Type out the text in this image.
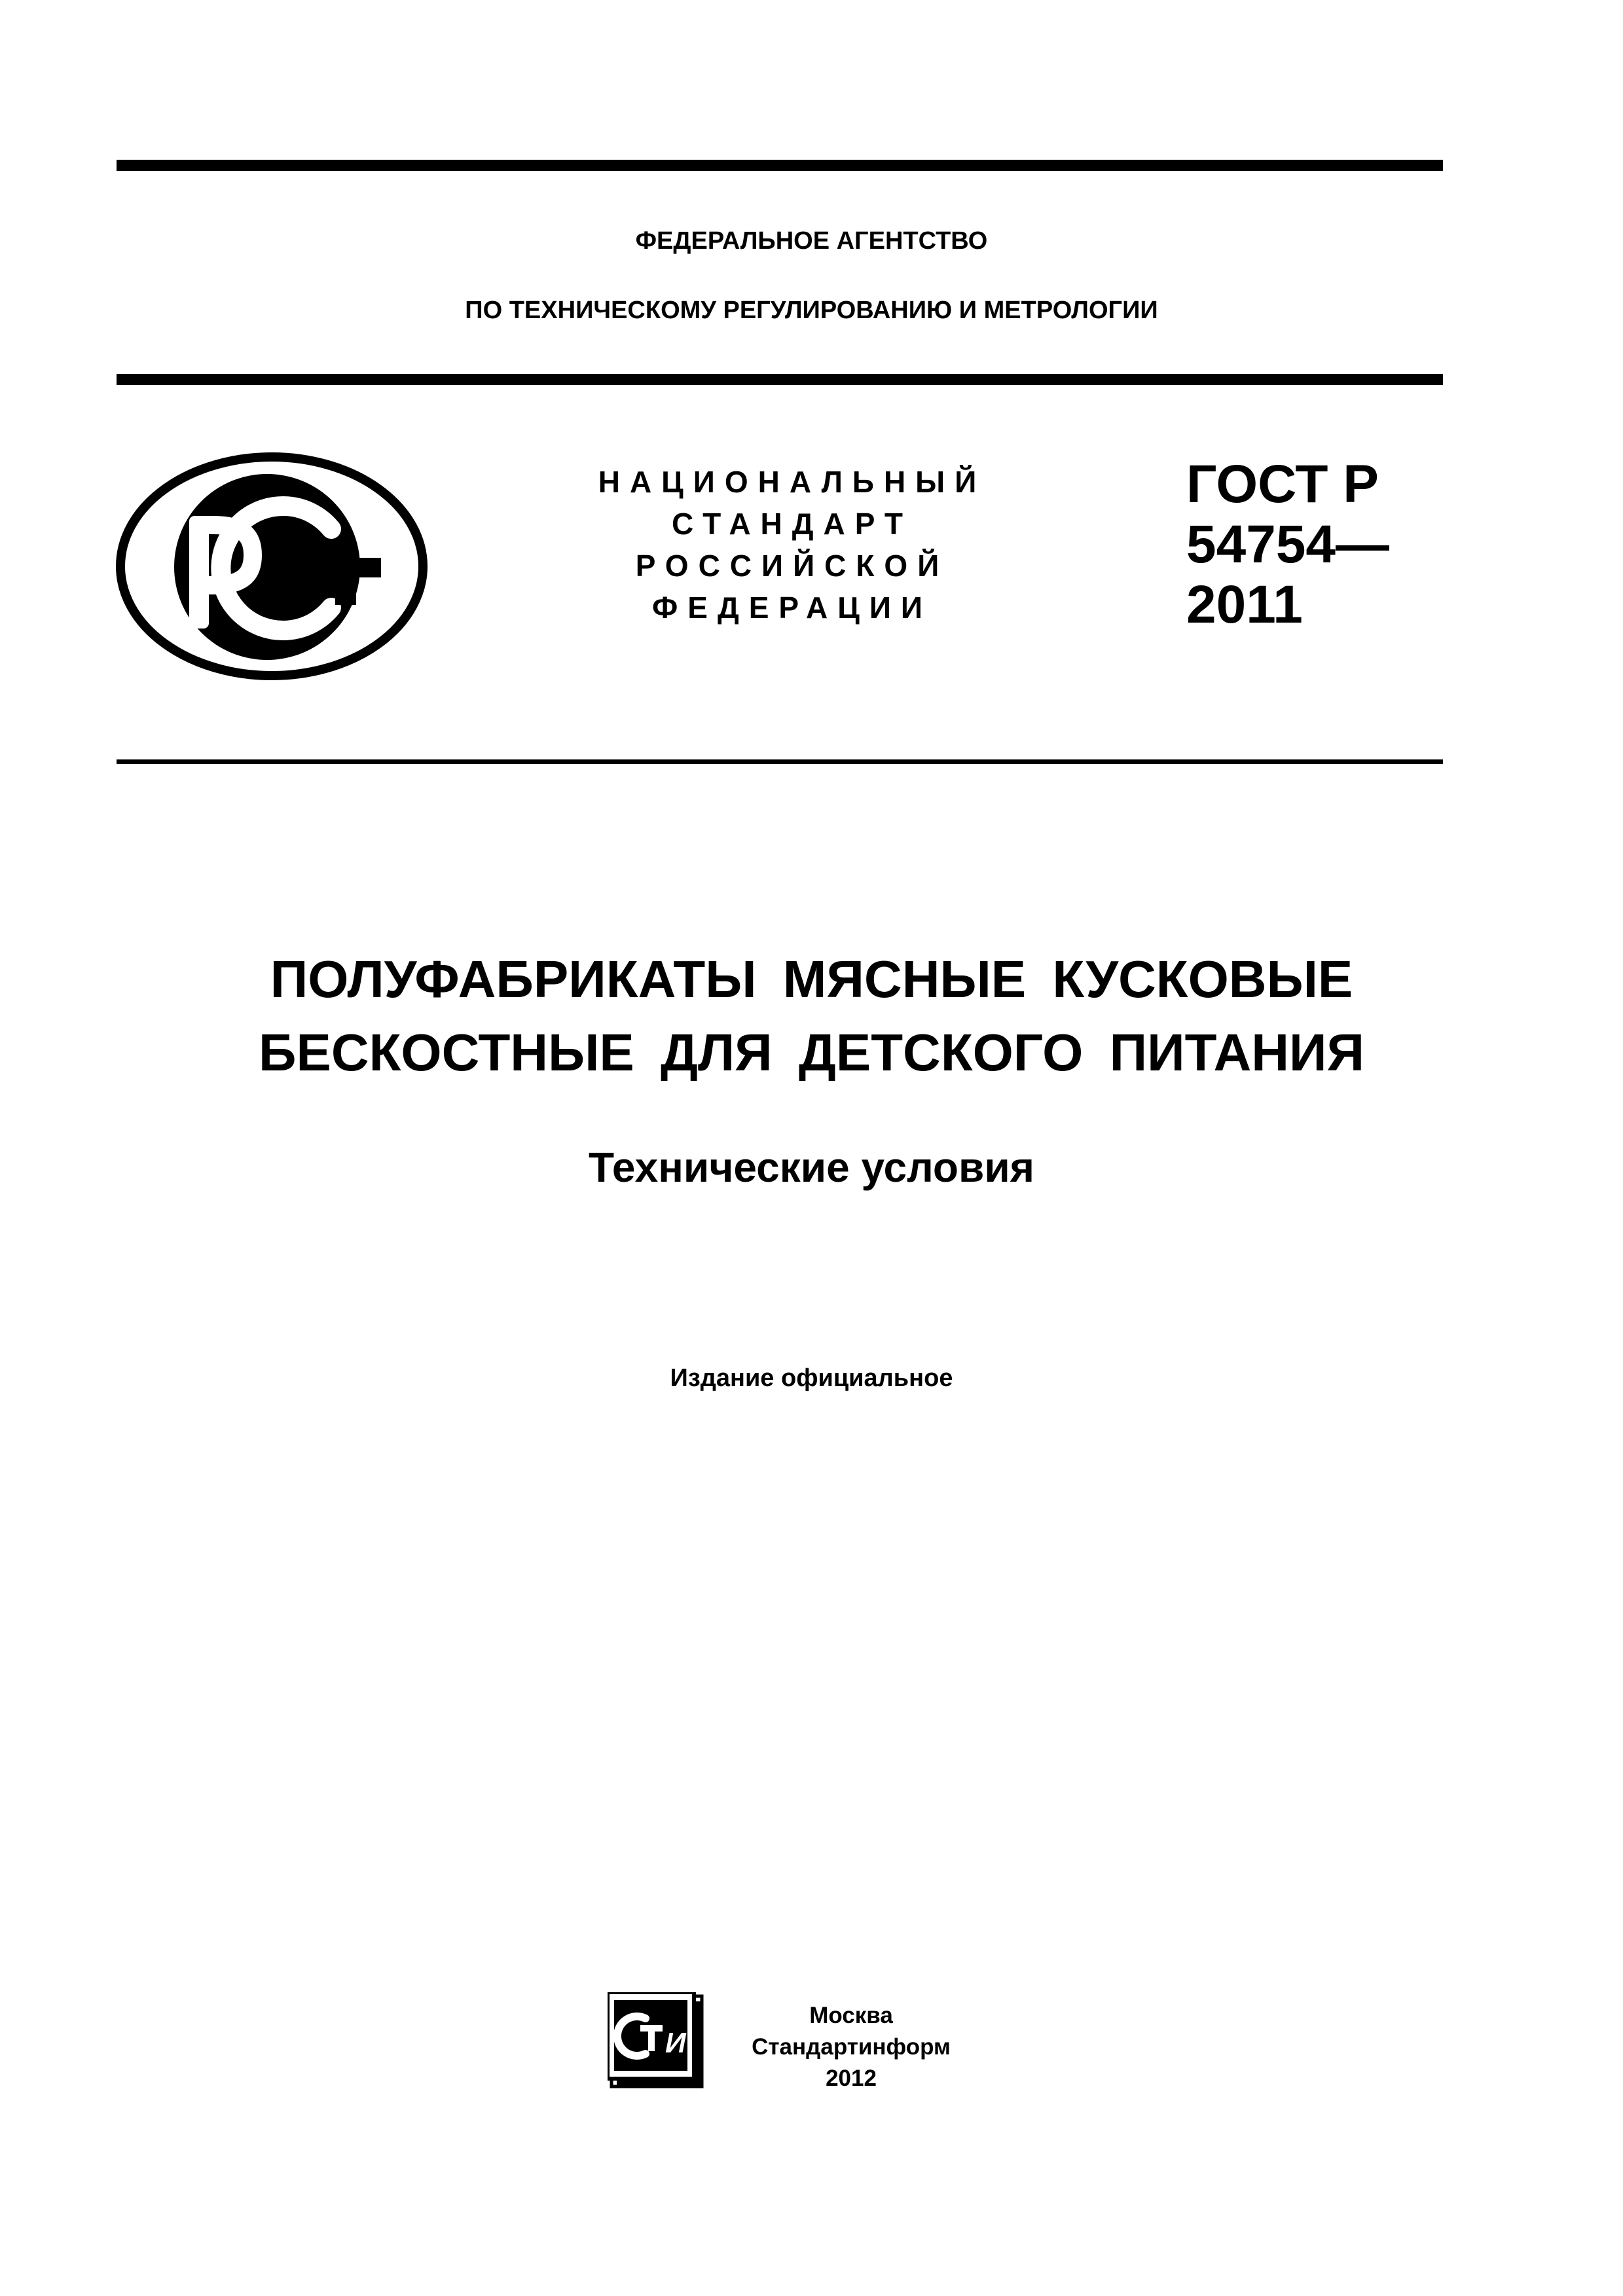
ФЕДЕРАЛЬНОЕ АГЕНТСТВО
ПО ТЕХНИЧЕСКОМУ РЕГУЛИРОВАНИЮ И МЕТРОЛОГИИ
НАЦИОНАЛЬНЫЙ
СТАНДАРТ
РОССИЙСКОЙ
ФЕДЕРАЦИИ
ГОСТ Р
54754—
2011
ПОЛУФАБРИКАТЫ МЯСНЫЕ КУСКОВЫЕ
БЕСКОСТНЫЕ ДЛЯ ДЕТСКОГО ПИТАНИЯ
Технические условия
Издание официальное
И
Москва
Стандартинформ
2012
